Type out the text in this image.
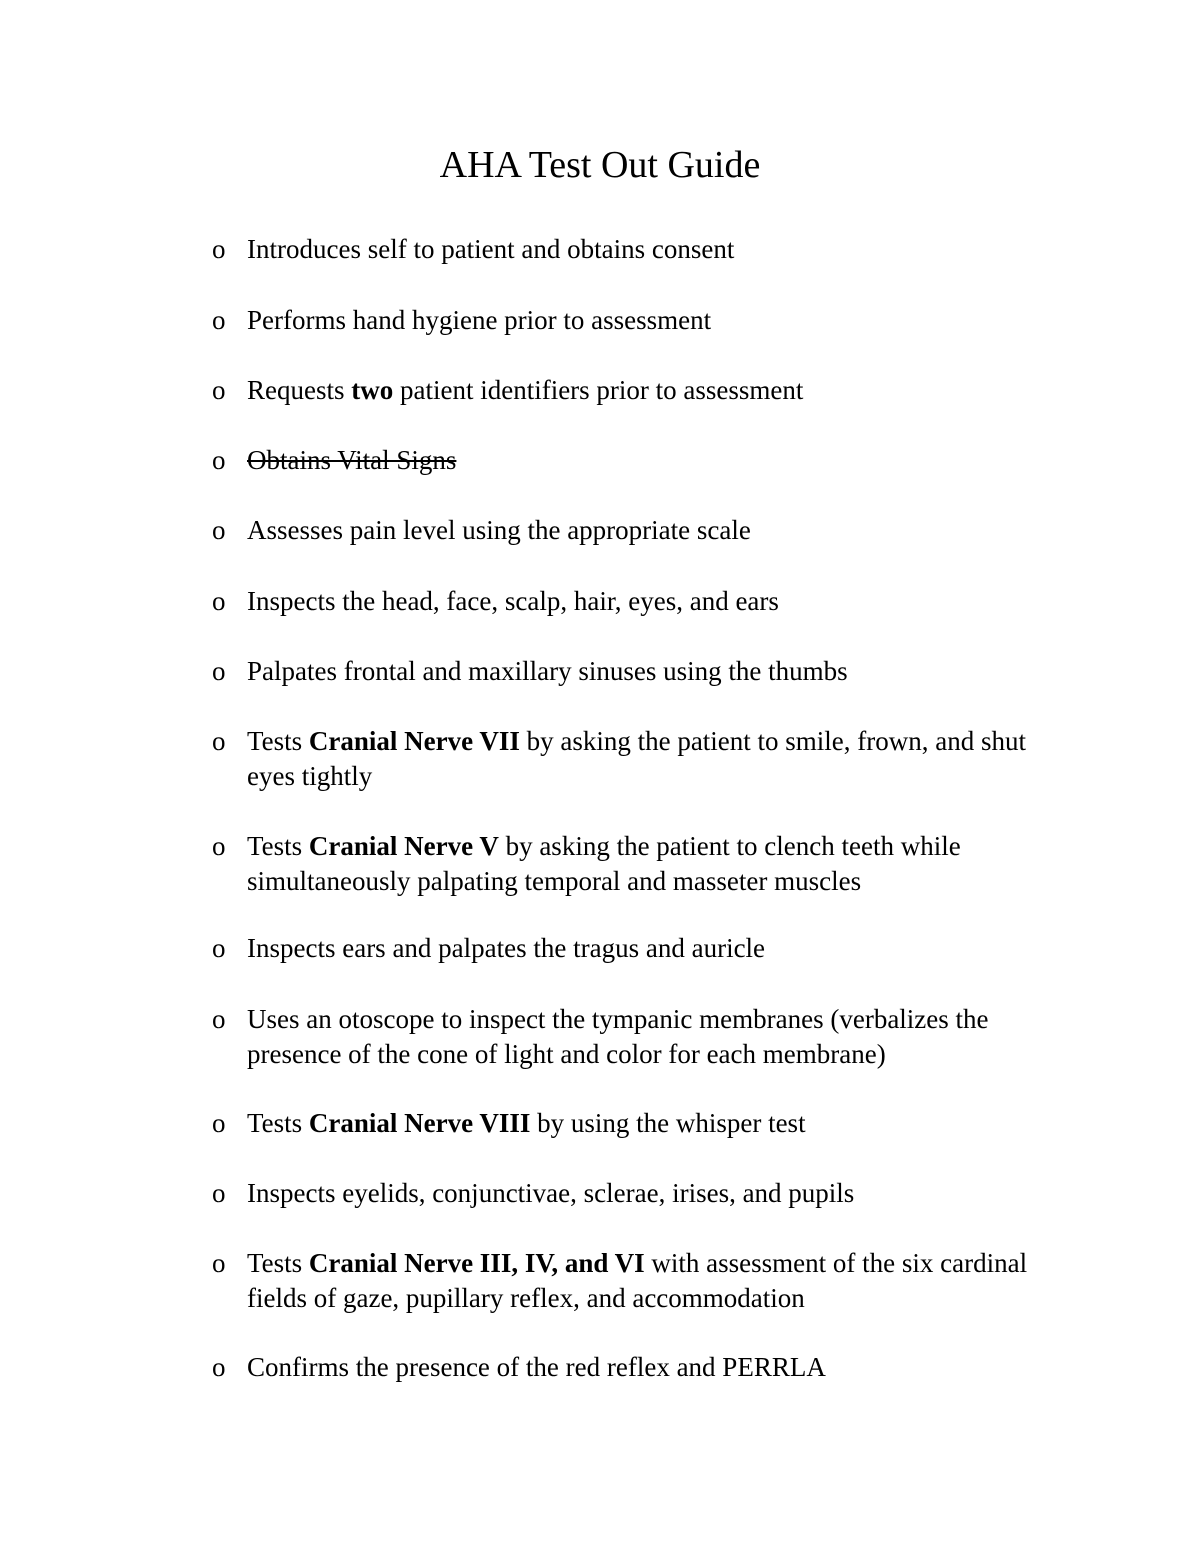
AHA Test Out Guide
o Introduces self to patient and obtains consent
o Performs hand hygiene prior to assessment
o Requests two patient identifiers prior to assessment
o Obtains Vital Signs
o Assesses pain level using the appropriate scale
o Inspects the head, face, scalp, hair, eyes, and ears
o Palpates frontal and maxillary sinuses using the thumbs
o Tests Cranial Nerve VII by asking the patient to smile, frown, and shut eyes tightly
o Tests Cranial Nerve V by asking the patient to clench teeth while simultaneously palpating temporal and masseter muscles
o Inspects ears and palpates the tragus and auricle
o Uses an otoscope to inspect the tympanic membranes (verbalizes the presence of the cone of light and color for each membrane)
o Tests Cranial Nerve VIII by using the whisper test
o Inspects eyelids, conjunctivae, sclerae, irises, and pupils
o Tests Cranial Nerve III, IV, and VI with assessment of the six cardinal fields of gaze, pupillary reflex, and accommodation
o Confirms the presence of the red reflex and PERRLA
